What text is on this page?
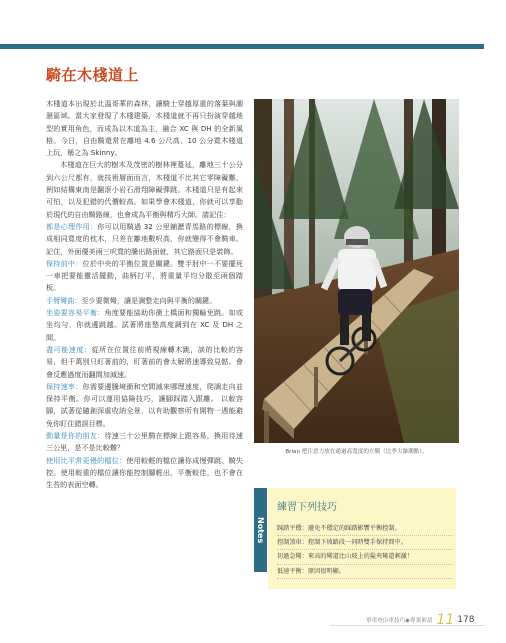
騎在木棧道上

木棧道本出現於北溫哥華的森林，讓騎士穿越厚重的落葉與潮濕區域。當大家發現了木棧建築，木棧道就不再只扮演穿越地型的實用角色，而成為以木道為主，融合 XC 與 DH 的全新風格。今日，自由騎還常在離地 4.6 公尺高、10 公分寬木棧道上玩，稱之為 Skinny。

木棧道在巨大的樹木及茂密的樹林裡蔓延，離地三十公分到六公尺都有，就技術層面而言，木棧道不比其它零障礙難，例如結構東南是翻滾小岩石滑翔障礙彈跳。木棧道只是有起來可怕，以及犯錯的代價較高。如果學會木棧道，你就可以享勸於現代的自由騎路線，也會成為平衡與精巧大師。請記住：

都是心理作用：你可以用騎過 32 公里鋪瀝青馬路的標線，換成相同寬度的枕木，只差在離地數呎高，你就變得不會騎車。記住，外面優美兩三呎寬的騰出路面就，其它路面只是裝飾。

保持前中：位於中央的平衡位置是關鍵。雙手肘中一不要擺死一車把要能靈活擺動，曲柄打平，將重量平均分散至兩個踏板。

手臂彎曲：至少要微彎，讓是調整走向與平衡的關鍵。

坐姿要容易平衡：角度要能協助你衝上橋面和獨輪免跳。如或坐均勻，你就邊跳越。試著將座墊高度調到在 XC 及 DH 之間。

盡可能速度：從所在位置往前將視線轉木跳，談的比較的容易，但千萬別只盯著前的，盯著前的會太解將速導致見骷。會會反應過度而翻間加減速。

保持速率：你需要邊騰境衝和空間減來哪理速度，爬調走向並保持平衡。你可以運用協險技巧，讓腳踩踏入跟離。 以較容腳，試著從隨創深處收納全景，以有助觀察所有開物一遇能避免你盯住錯誤目標。

動量是你的朋友：待速三十公里騎在標線上跟容易，換用待速三公里，是不是比較難？

使用比平常更慢的檔位：使用較輕的檔位讓你成慢彈跳、騎失控。使用較重的檔位讓你能控制腳輕出，平衡較佳，也不會在生苔的表面空轉。

Brian 把注意力放在通過高寬度的左側（比季大瀑潮點）。
Notes
練習下列技巧
踩踏平穩：避免不穩定的踩踏影響平衡控制。
控制煞車：控制下坡路段一同時雙手保持間中。
切過急彎：來高的彎道比山坡上的髮夾彎還刺激！
低速平衡：原因很明顯。
單車登山車技巧◉專業術語 11 178
